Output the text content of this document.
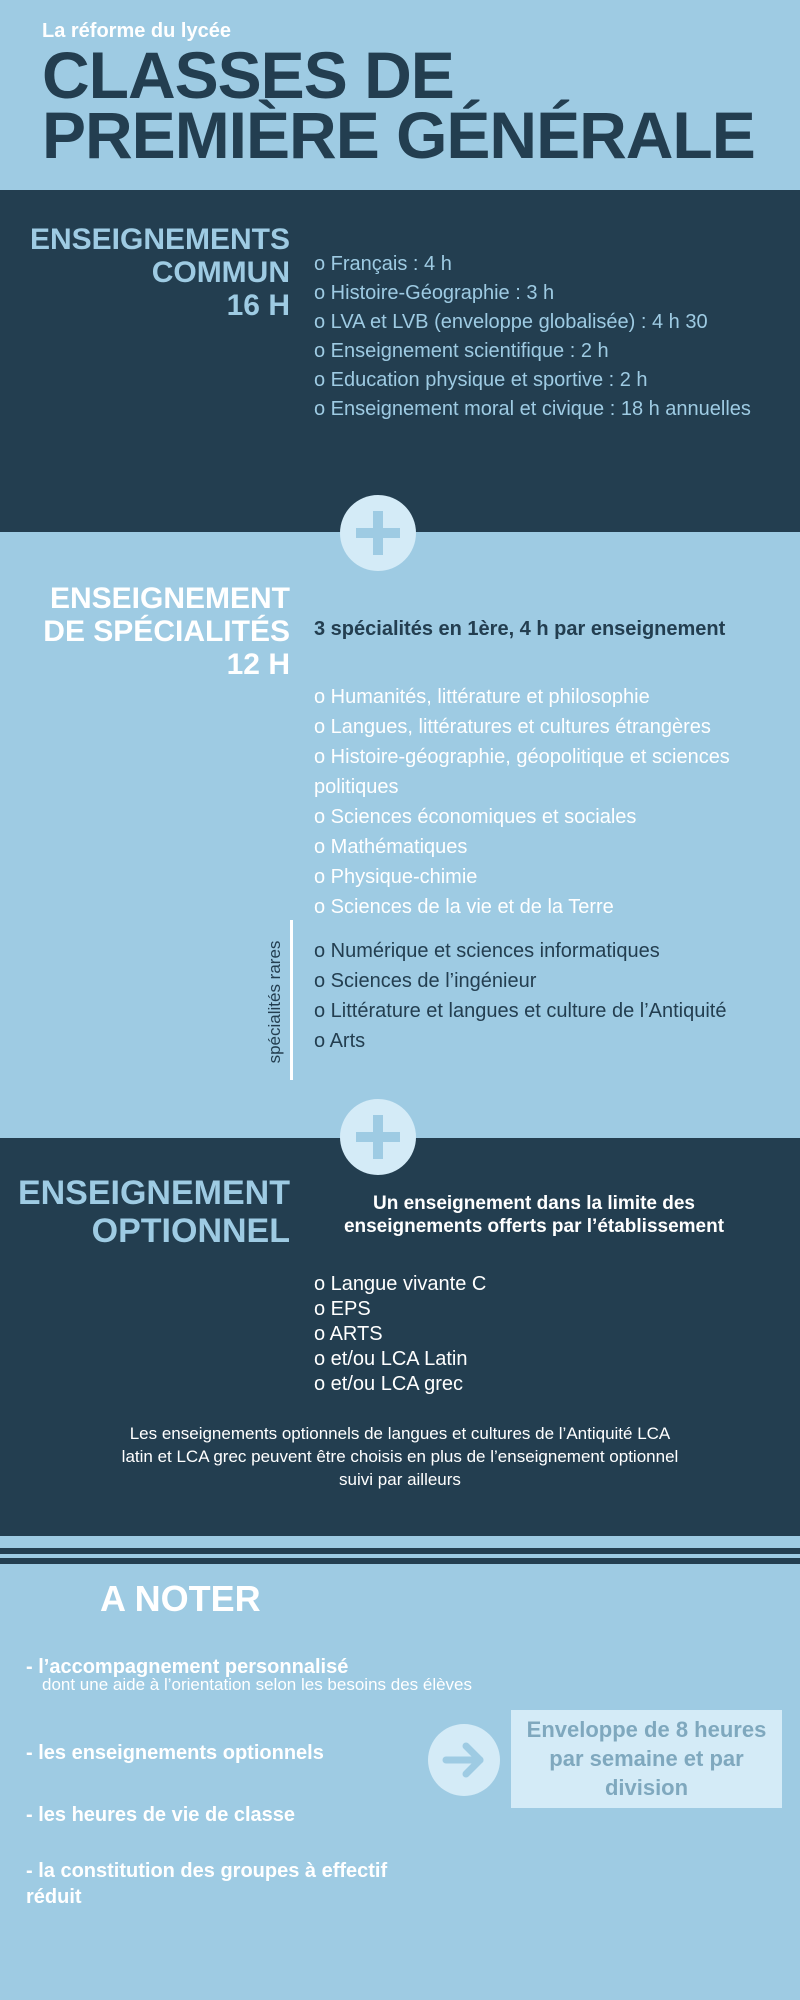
La réforme du lycée
CLASSES DE
PREMIÈRE GÉNÉRALE
ENSEIGNEMENTS
COMMUN
16 H
o Français : 4 h
o Histoire-Géographie : 3 h
o LVA et LVB (enveloppe globalisée) : 4 h 30
o Enseignement scientifique : 2 h
o Education physique et sportive : 2 h
o Enseignement moral et civique : 18 h annuelles
ENSEIGNEMENT
DE SPÉCIALITÉS
12 H
3 spécialités en 1ère, 4 h par enseignement
o Humanités, littérature et philosophie
o Langues, littératures et cultures étrangères
o Histoire-géographie, géopolitique et sciences politiques
o Sciences économiques et sociales
o Mathématiques
o Physique-chimie
o Sciences de la vie et de la Terre
spécialités rares o Numérique et sciences informatiques
o Sciences de l’ingénieur
o Littérature et langues et culture de l’Antiquité
o Arts
ENSEIGNEMENT
OPTIONNEL
Un enseignement dans la limite des enseignements offerts par l’établissement
o Langue vivante C
o EPS
o ARTS
o et/ou LCA Latin
o et/ou LCA grec
Les enseignements optionnels de langues et cultures de l’Antiquité LCA latin et LCA grec peuvent être choisis en plus de l’enseignement optionnel suivi par ailleurs
A NOTER
- l’accompagnement personnalisé
dont une aide à l’orientation selon les besoins des élèves
- les enseignements optionnels
- les heures de vie de classe
- la constitution des groupes à effectif réduit
Enveloppe de 8 heures par semaine et par division
